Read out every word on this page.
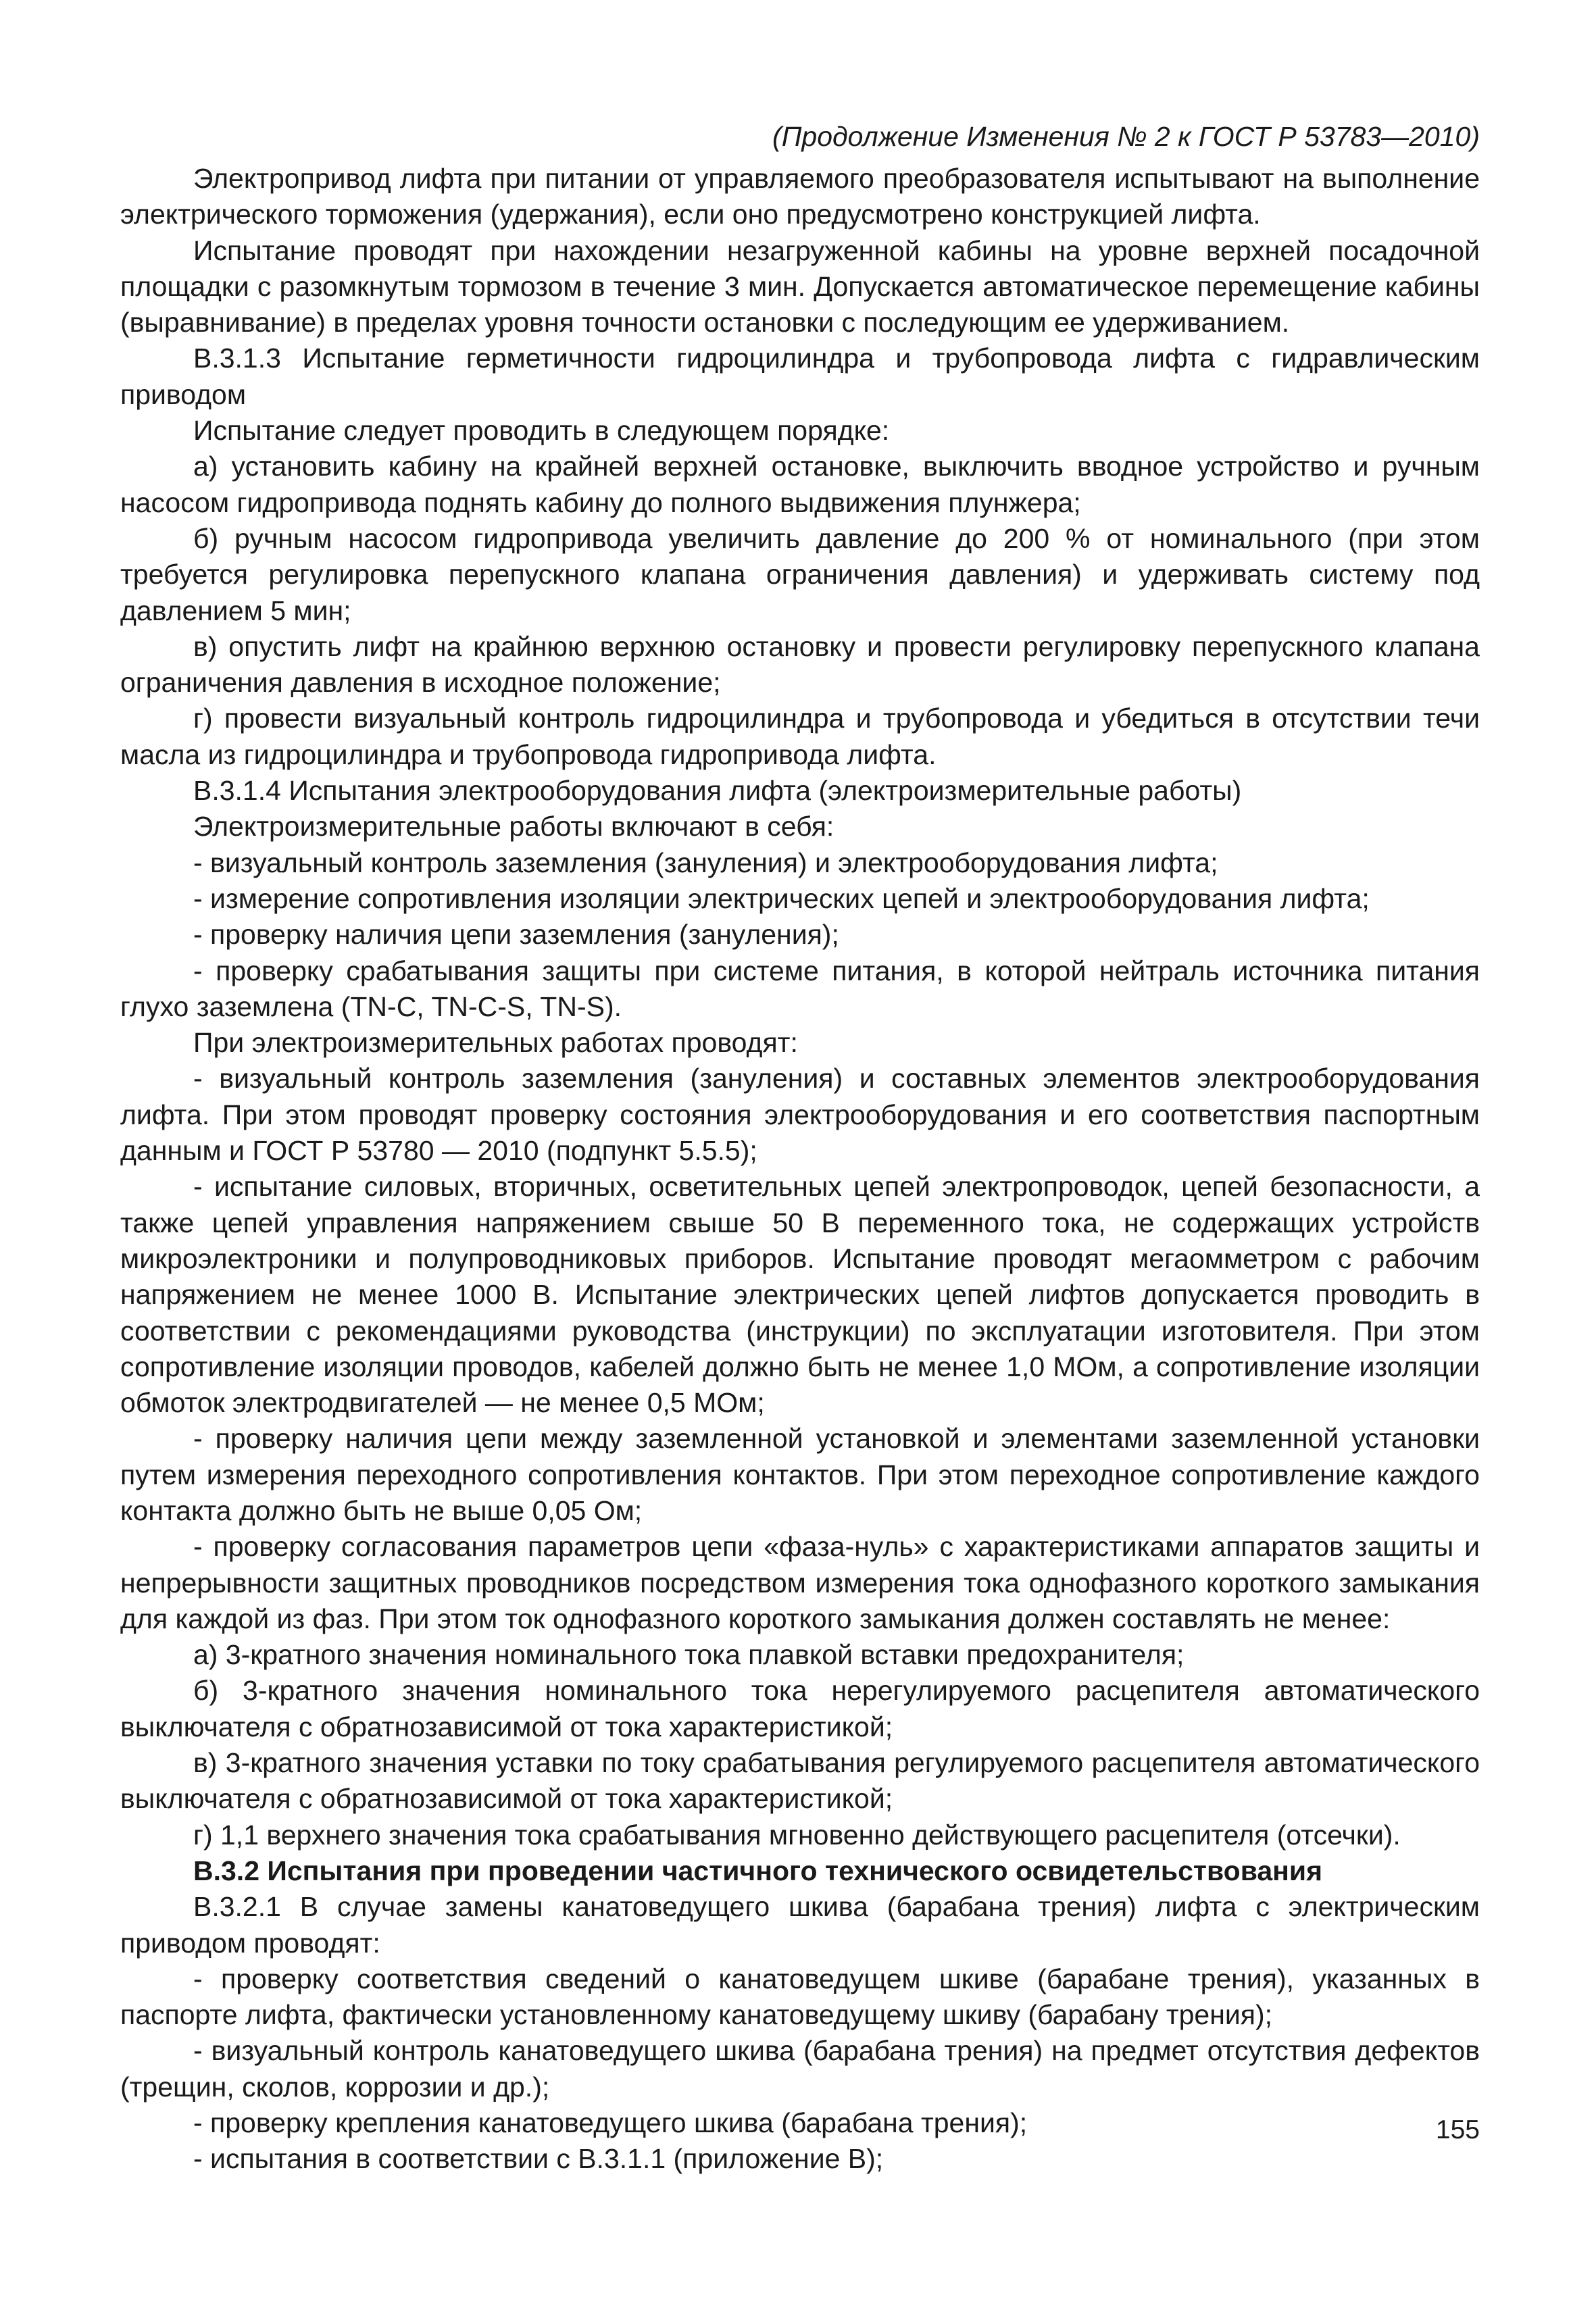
(Продолжение Изменения № 2 к ГОСТ Р 53783—2010)

Электропривод лифта при питании от управляемого преобразователя испытывают на выполнение электрического торможения (удержания), если оно предусмотрено конструкцией лифта.

Испытание проводят при нахождении незагруженной кабины на уровне верхней посадочной площадки с разомкнутым тормозом в течение 3 мин. Допускается автоматическое перемещение кабины (выравнивание) в пределах уровня точности остановки с последующим ее удерживанием.

В.3.1.3 Испытание герметичности гидроцилиндра и трубопровода лифта с гидравлическим приводом

Испытание следует проводить в следующем порядке:

а) установить кабину на крайней верхней остановке, выключить вводное устройство и ручным насосом гидропривода поднять кабину до полного выдвижения плунжера;

б) ручным насосом гидропривода увеличить давление до 200 % от номинального (при этом требуется регулировка перепускного клапана ограничения давления) и удерживать систему под давлением 5 мин;

в) опустить лифт на крайнюю верхнюю остановку и провести регулировку перепускного клапана ограничения давления в исходное положение;

г) провести визуальный контроль гидроцилиндра и трубопровода и убедиться в отсутствии течи масла из гидроцилиндра и трубопровода гидропривода лифта.

В.3.1.4 Испытания электрооборудования лифта (электроизмерительные работы)

Электроизмерительные работы включают в себя:

- визуальный контроль заземления (зануления) и электрооборудования лифта;

- измерение сопротивления изоляции электрических цепей и электрооборудования лифта;

- проверку наличия цепи заземления (зануления);

- проверку срабатывания защиты при системе питания, в которой нейтраль источника питания глухо заземлена (TN-C, TN-C-S, TN-S).

При электроизмерительных работах проводят:

- визуальный контроль заземления (зануления) и составных элементов электрооборудования лифта. При этом проводят проверку состояния электрооборудования и его соответствия паспортным данным и ГОСТ Р 53780 — 2010 (подпункт 5.5.5);

- испытание силовых, вторичных, осветительных цепей электропроводок, цепей безопасности, а также цепей управления напряжением свыше 50 В переменного тока, не содержащих устройств микроэлектроники и полупроводниковых приборов. Испытание проводят мегаомметром с рабочим напряжением не менее 1000 В. Испытание электрических цепей лифтов допускается проводить в соответствии с рекомендациями руководства (инструкции) по эксплуатации изготовителя. При этом сопротивление изоляции проводов, кабелей должно быть не менее 1,0 МОм, а сопротивление изоляции обмоток электродвигателей — не менее 0,5 МОм;

- проверку наличия цепи между заземленной установкой и элементами заземленной установки путем измерения переходного сопротивления контактов. При этом переходное сопротивление каждого контакта должно быть не выше 0,05 Ом;

- проверку согласования параметров цепи «фаза-нуль» с характеристиками аппаратов защиты и непрерывности защитных проводников посредством измерения тока однофазного короткого замыкания для каждой из фаз. При этом ток однофазного короткого замыкания должен составлять не менее:

а) 3-кратного значения номинального тока плавкой вставки предохранителя;

б) 3-кратного значения номинального тока нерегулируемого расцепителя автоматического выключателя с обратнозависимой от тока характеристикой;

в) 3-кратного значения уставки по току срабатывания регулируемого расцепителя автоматического выключателя с обратнозависимой от тока характеристикой;

г) 1,1 верхнего значения тока срабатывания мгновенно действующего расцепителя (отсечки).

В.3.2 Испытания при проведении частичного технического освидетельствования

В.3.2.1 В случае замены канатоведущего шкива (барабана трения) лифта с электрическим приводом проводят:

- проверку соответствия сведений о канатоведущем шкиве (барабане трения), указанных в паспорте лифта, фактически установленному канатоведущему шкиву (барабану трения);

- визуальный контроль канатоведущего шкива (барабана трения) на предмет отсутствия дефектов (трещин, сколов, коррозии и др.);

- проверку крепления канатоведущего шкива (барабана трения);

- испытания в соответствии с В.3.1.1 (приложение В);

155
